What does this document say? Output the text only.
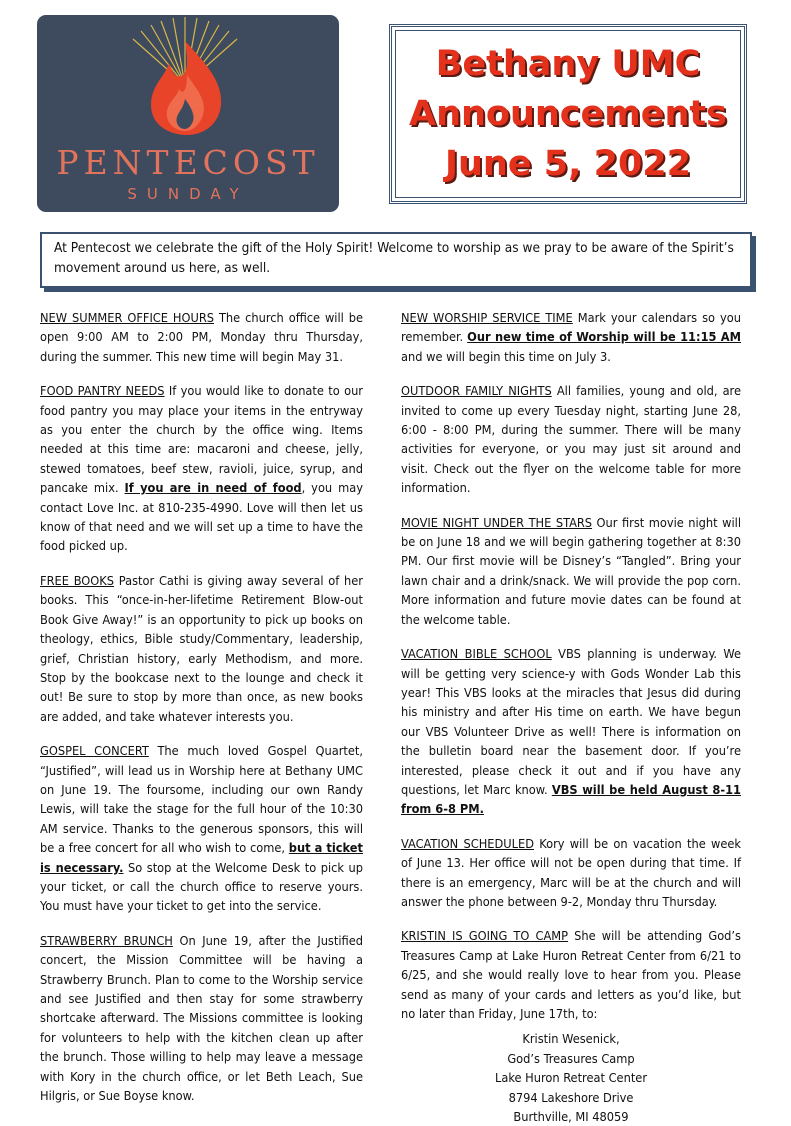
PENTECOST
SUNDAY
Bethany UMC
Announcements
June 5, 2022
At Pentecost we celebrate the gift of the Holy Spirit! Welcome to worship as we pray to be aware of the Spirit’s movement around us here, as well.

NEW SUMMER OFFICE HOURS The church office will be open 9:00 AM to 2:00 PM, Monday thru Thursday, during the summer. This new time will begin May 31.

FOOD PANTRY NEEDS If you would like to donate to our food pantry you may place your items in the entryway as you enter the church by the office wing. Items needed at this time are: macaroni and cheese, jelly, stewed tomatoes, beef stew, ravioli, juice, syrup, and pancake mix. If you are in need of food, you may contact Love Inc. at 810-235-4990. Love will then let us know of that need and we will set up a time to have the food picked up.

FREE BOOKS Pastor Cathi is giving away several of her books. This “once-in-her-lifetime Retirement Blow-out Book Give Away!” is an opportunity to pick up books on theology, ethics, Bible study/Commentary, leadership, grief, Christian history, early Methodism, and more. Stop by the bookcase next to the lounge and check it out! Be sure to stop by more than once, as new books are added, and take whatever interests you.

GOSPEL CONCERT The much loved Gospel Quartet, “Justified”, will lead us in Worship here at Bethany UMC on June 19. The foursome, including our own Randy Lewis, will take the stage for the full hour of the 10:30 AM service. Thanks to the generous sponsors, this will be a free concert for all who wish to come, but a ticket is necessary. So stop at the Welcome Desk to pick up your ticket, or call the church office to reserve yours. You must have your ticket to get into the service.

STRAWBERRY BRUNCH On June 19, after the Justified concert, the Mission Committee will be having a Strawberry Brunch. Plan to come to the Worship service and see Justified and then stay for some strawberry shortcake afterward. The Missions committee is looking for volunteers to help with the kitchen clean up after the brunch. Those willing to help may leave a message with Kory in the church office, or let Beth Leach, Sue Hilgris, or Sue Boyse know.

NEW WORSHIP SERVICE TIME Mark your calendars so you remember. Our new time of Worship will be 11:15 AM and we will begin this time on July 3.

OUTDOOR FAMILY NIGHTS All families, young and old, are invited to come up every Tuesday night, starting June 28, 6:00 - 8:00 PM, during the summer. There will be many activities for everyone, or you may just sit around and visit. Check out the flyer on the welcome table for more information.

MOVIE NIGHT UNDER THE STARS Our first movie night will be on June 18 and we will begin gathering together at 8:30 PM. Our first movie will be Disney’s “Tangled”. Bring your lawn chair and a drink/snack. We will provide the pop corn. More information and future movie dates can be found at the welcome table.

VACATION BIBLE SCHOOL VBS planning is underway. We will be getting very science-y with Gods Wonder Lab this year! This VBS looks at the miracles that Jesus did during his ministry and after His time on earth. We have begun our VBS Volunteer Drive as well! There is information on the bulletin board near the basement door. If you’re interested, please check it out and if you have any questions, let Marc know. VBS will be held August 8-11 from 6-8 PM.

VACATION SCHEDULED Kory will be on vacation the week of June 13. Her office will not be open during that time. If there is an emergency, Marc will be at the church and will answer the phone between 9-2, Monday thru Thursday.

KRISTIN IS GOING TO CAMP She will be attending God’s Treasures Camp at Lake Huron Retreat Center from 6/21 to 6/25, and she would really love to hear from you. Please send as many of your cards and letters as you’d like, but no later than Friday, June 17th, to:

Kristin Wesenick,
God’s Treasures Camp
Lake Huron Retreat Center
8794 Lakeshore Drive
Burthville, MI 48059
